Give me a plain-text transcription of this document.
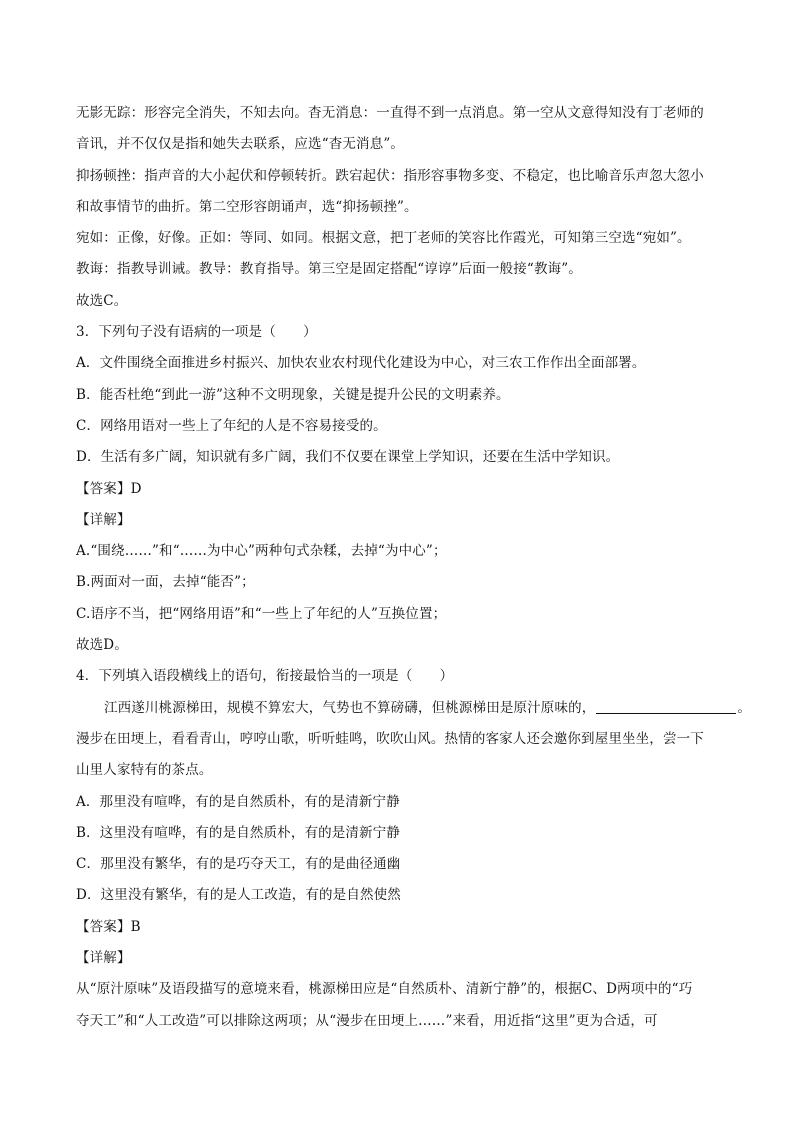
无影无踪：形容完全消失，不知去向。杳无消息：一直得不到一点消息。第一空从文意得知没有丁老师的
音讯，并不仅仅是指和她失去联系，应选“杳无消息”。
抑扬顿挫：指声音的大小起伏和停顿转折。跌宕起伏：指形容事物多变、不稳定，也比喻音乐声忽大忽小
和故事情节的曲折。第二空形容朗诵声，选“抑扬顿挫”。
宛如：正像，好像。正如：等同、如同。根据文意，把丁老师的笑容比作霞光，可知第三空选“宛如”。
教诲：指教导训诫。教导：教育指导。第三空是固定搭配“谆谆”后面一般接“教诲”。
故选C。
3．下列句子没有语病的一项是（　　）
A．文件围绕全面推进乡村振兴、加快农业农村现代化建设为中心，对三农工作作出全面部署。
B．能否杜绝“到此一游”这种不文明现象，关键是提升公民的文明素养。
C．网络用语对一些上了年纪的人是不容易接受的。
D．生活有多广阔，知识就有多广阔，我们不仅要在课堂上学知识，还要在生活中学知识。
【答案】D
【详解】
A.“围绕……”和“……为中心”两种句式杂糅，去掉“为中心”；
B.两面对一面，去掉“能否”；
C.语序不当，把“网络用语”和“一些上了年纪的人”互换位置；
故选D。
4．下列填入语段横线上的语句，衔接最恰当的一项是（　　）
江西遂川桃源梯田，规模不算宏大，气势也不算磅礴，但桃源梯田是原汁原味的，	。
漫步在田埂上，看看青山，哼哼山歌，听听蛙鸣，吹吹山风。热情的客家人还会邀你到屋里坐坐，尝一下
山里人家特有的茶点。
A．那里没有喧哗，有的是自然质朴，有的是清新宁静
B．这里没有喧哗，有的是自然质朴，有的是清新宁静
C．那里没有繁华，有的是巧夺天工，有的是曲径通幽
D．这里没有繁华，有的是人工改造，有的是自然使然
【答案】B
【详解】
从“原汁原味”及语段描写的意境来看，桃源梯田应是“自然质朴、清新宁静”的，根据C、D两项中的“巧
夺天工”和“人工改造”可以排除这两项；从“漫步在田埂上……”来看，用近指“这里”更为合适，可
